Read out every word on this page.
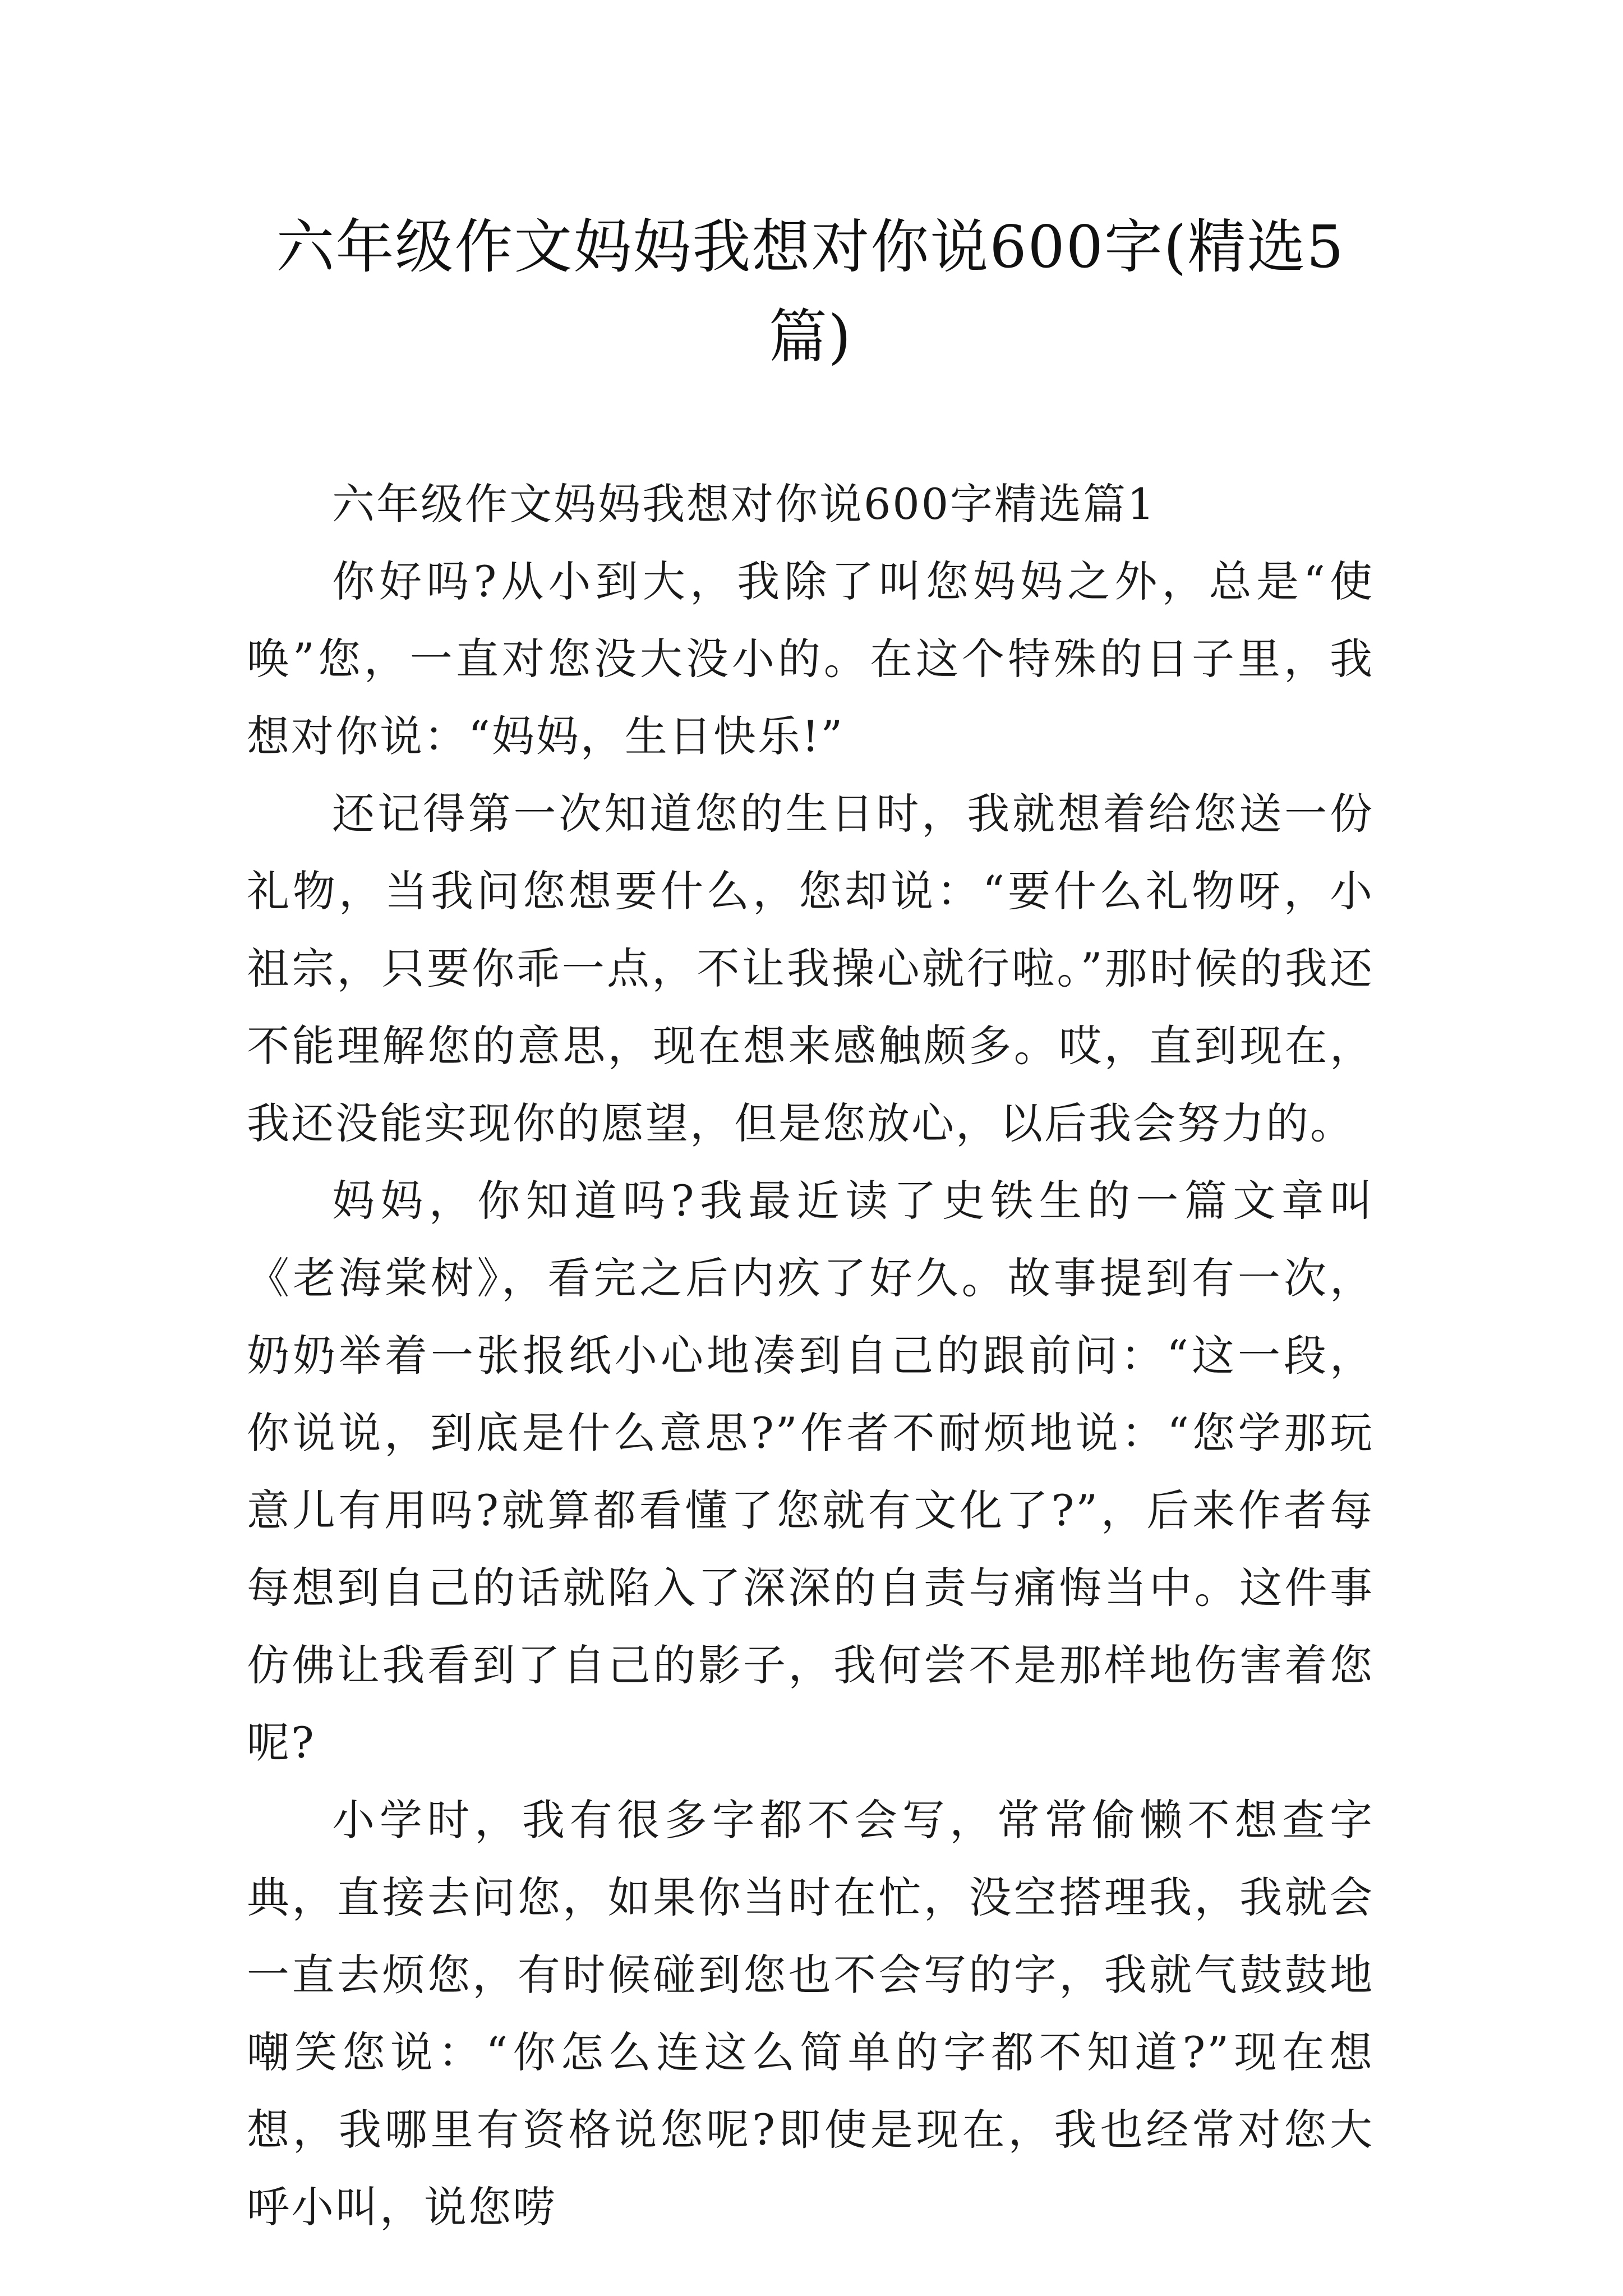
六年级作文妈妈我想对你说600字(精选5篇)

六年级作文妈妈我想对你说600字精选篇1

你好吗?从小到大，我除了叫您妈妈之外，总是“使唤”您，一直对您没大没小的。在这个特殊的日子里，我想对你说：“妈妈，生日快乐!”

还记得第一次知道您的生日时，我就想着给您送一份礼物，当我问您想要什么，您却说：“要什么礼物呀，小祖宗，只要你乖一点，不让我操心就行啦。”那时候的我还不能理解您的意思，现在想来感触颇多。哎，直到现在，我还没能实现你的愿望，但是您放心，以后我会努力的。

妈妈，你知道吗?我最近读了史铁生的一篇文章叫《老海棠树》，看完之后内疚了好久。故事提到有一次，奶奶举着一张报纸小心地凑到自己的跟前问：“这一段，你说说，到底是什么意思?”作者不耐烦地说：“您学那玩意儿有用吗?就算都看懂了您就有文化了?”，后来作者每每想到自己的话就陷入了深深的自责与痛悔当中。这件事仿佛让我看到了自己的影子，我何尝不是那样地伤害着您呢?

小学时，我有很多字都不会写，常常偷懒不想查字典，直接去问您，如果你当时在忙，没空搭理我，我就会一直去烦您，有时候碰到您也不会写的字，我就气鼓鼓地嘲笑您说：“你怎么连这么简单的字都不知道?”现在想想，我哪里有资格说您呢?即使是现在，我也经常对您大呼小叫，说您唠
